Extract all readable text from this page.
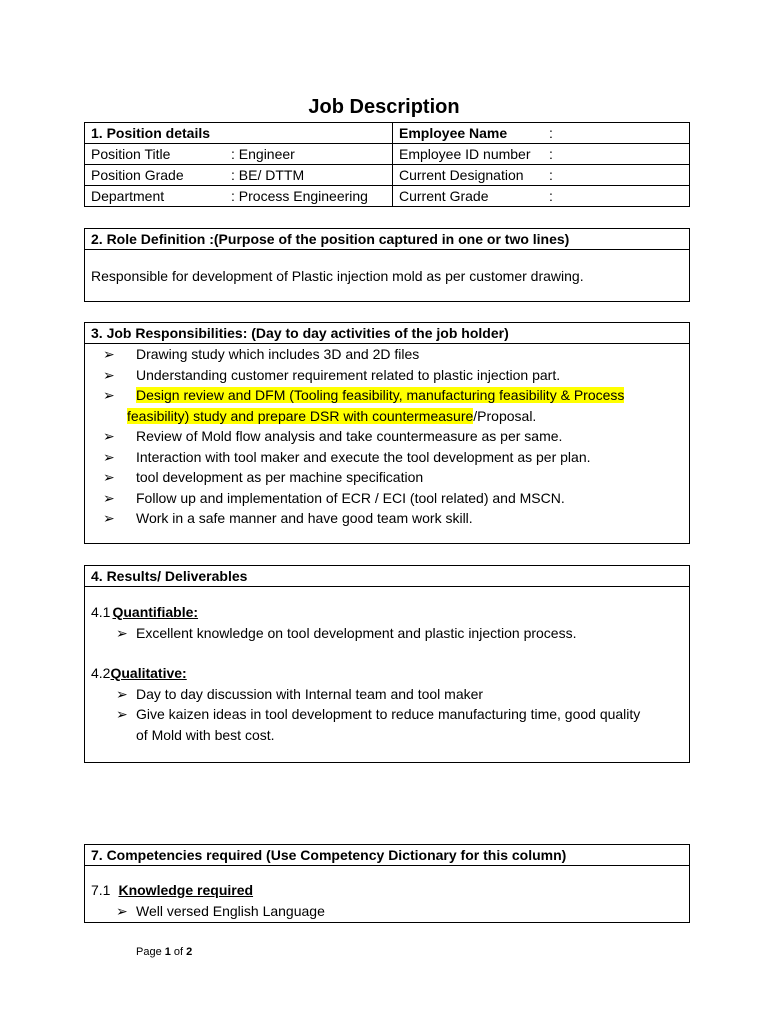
Job Description
1. Position details	Employee Name :
Position Title : Engineer	Employee ID number :
Position Grade : BE/ DTTM	Current Designation :
Department : Process Engineering	Current Grade :
2. Role Definition :(Purpose of the position captured in one or two lines)
Responsible for development of Plastic injection mold as per customer drawing.
3. Job Responsibilities: (Day to day activities of the job holder)
➢ Drawing study which includes 3D and 2D files
➢ Understanding customer requirement related to plastic injection part.
➢ Design review and DFM (Tooling feasibility, manufacturing feasibility & Process
feasibility) study and prepare DSR with countermeasure/Proposal.
➢ Review of Mold flow analysis and take countermeasure as per same.
➢ Interaction with tool maker and execute the tool development as per plan.
➢ tool development as per machine specification
➢ Follow up and implementation of ECR / ECI (tool related) and MSCN.
➢ Work in a safe manner and have good team work skill.
4. Results/ Deliverables
4.1 Quantifiable:
➢ Excellent knowledge on tool development and plastic injection process.
4.2Qualitative:
➢ Day to day discussion with Internal team and tool maker
➢ Give kaizen ideas in tool development to reduce manufacturing time, good quality
of Mold with best cost.
7. Competencies required (Use Competency Dictionary for this column)
7.1 Knowledge required
➢ Well versed English Language
Page 1 of 2
